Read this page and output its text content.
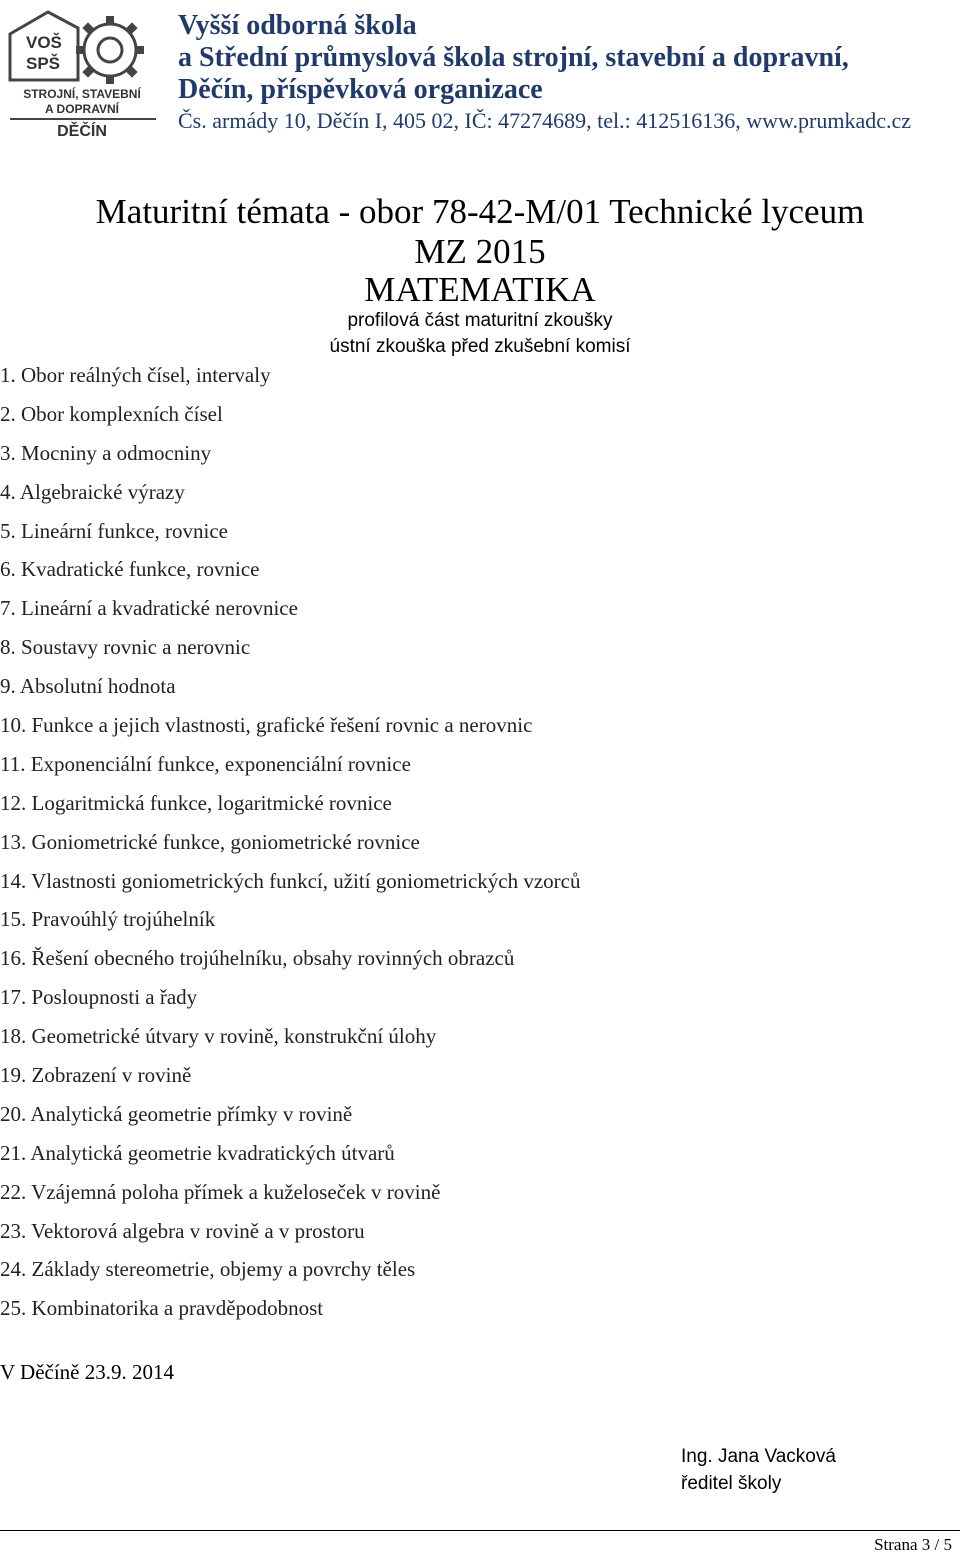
VOŠ
SPŠ
STROJNÍ, STAVEBNÍ
A DOPRAVNÍ
DĚČÍN
Vyšší odborná škola
a Střední průmyslová škola strojní, stavební a dopravní,
Děčín, příspěvková organizace
Čs. armády 10, Děčín I, 405 02, IČ: 47274689, tel.: 412516136, www.prumkadc.cz
Maturitní témata - obor 78-42-M/01 Technické lyceum
MZ 2015
MATEMATIKA
profilová část maturitní zkoušky
ústní zkouška před zkušební komisí
1. Obor reálných čísel, intervaly
2. Obor komplexních čísel
3. Mocniny a odmocniny
4. Algebraické výrazy
5. Lineární funkce, rovnice
6. Kvadratické funkce, rovnice
7. Lineární a kvadratické nerovnice
8. Soustavy rovnic a nerovnic
9. Absolutní hodnota
10. Funkce a jejich vlastnosti, grafické řešení rovnic a nerovnic
11. Exponenciální funkce, exponenciální rovnice
12. Logaritmická funkce, logaritmické rovnice
13. Goniometrické funkce, goniometrické rovnice
14. Vlastnosti goniometrických funkcí, užití goniometrických vzorců
15. Pravoúhlý trojúhelník
16. Řešení obecného trojúhelníku, obsahy rovinných obrazců
17. Posloupnosti a řady
18. Geometrické útvary v rovině, konstrukční úlohy
19. Zobrazení v rovině
20. Analytická geometrie přímky v rovině
21. Analytická geometrie kvadratických útvarů
22. Vzájemná poloha přímek a kuželoseček v rovině
23. Vektorová algebra v rovině a v prostoru
24. Základy stereometrie, objemy a povrchy těles
25. Kombinatorika a pravděpodobnost
V Děčíně 23.9. 2014
Ing. Jana Vacková
ředitel školy
Strana 3 / 5
